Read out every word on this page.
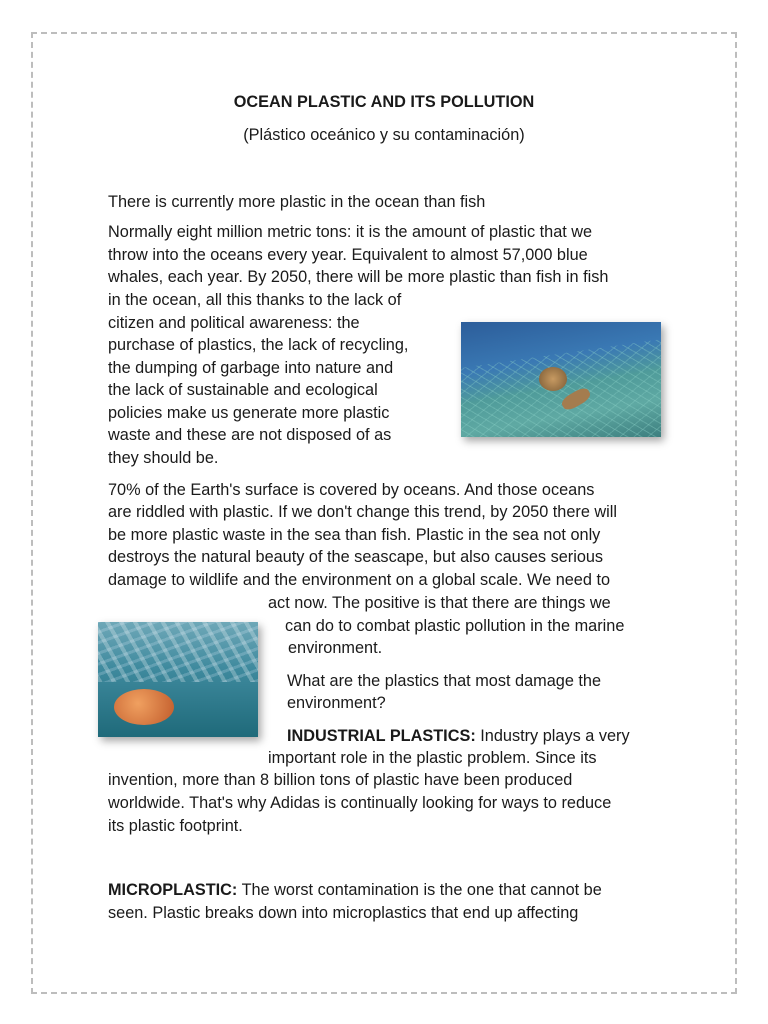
OCEAN PLASTIC AND ITS POLLUTION
(Plástico oceánico y su contaminación)
There is currently more plastic in the ocean than fish
Normally eight million metric tons: it is the amount of plastic that we
throw into the oceans every year. Equivalent to almost 57,000 blue
whales, each year. By 2050, there will be more plastic than fish in fish
in the ocean, all this thanks to the lack of
citizen and political awareness: the
purchase of plastics, the lack of recycling,
the dumping of garbage into nature and
the lack of sustainable and ecological
policies make us generate more plastic
waste and these are not disposed of as
they should be.
70% of the Earth's surface is covered by oceans. And those oceans
are riddled with plastic. If we don't change this trend, by 2050 there will
be more plastic waste in the sea than fish. Plastic in the sea not only
destroys the natural beauty of the seascape, but also causes serious
damage to wildlife and the environment on a global scale. We need to
act now. The positive is that there are things we
can do to combat plastic pollution in the marine
environment.
What are the plastics that most damage the
environment?
INDUSTRIAL PLASTICS: Industry plays a very
important role in the plastic problem. Since its
invention, more than 8 billion tons of plastic have been produced
worldwide. That's why Adidas is continually looking for ways to reduce
its plastic footprint.
MICROPLASTIC: The worst contamination is the one that cannot be
seen. Plastic breaks down into microplastics that end up affecting
